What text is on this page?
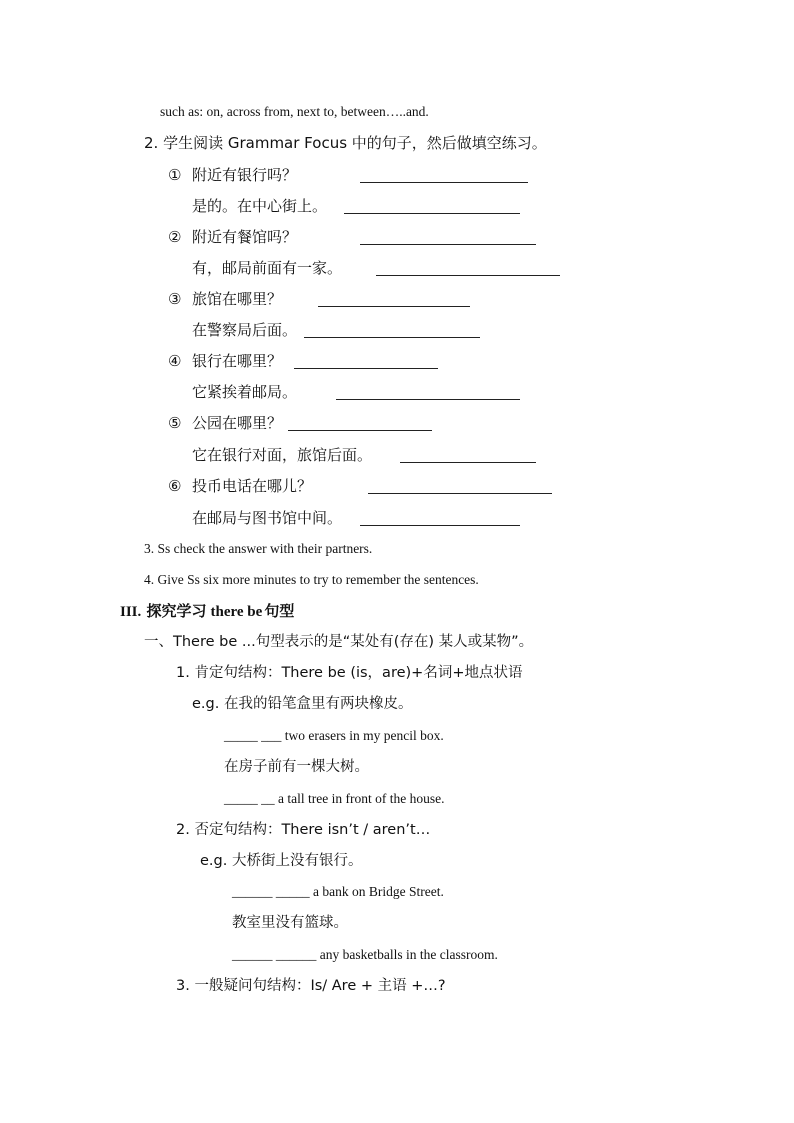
such as: on, across from, next to, between…..and.
2. 学生阅读 Grammar Focus 中的句子，然后做填空练习。
① 附近有银行吗？
是的。在中心街上。
② 附近有餐馆吗？
有，邮局前面有一家。
③ 旅馆在哪里？
在警察局后面。
④ 银行在哪里？
它紧挨着邮局。
⑤ 公园在哪里？
它在银行对面，旅馆后面。
⑥ 投币电话在哪儿？
在邮局与图书馆中间。
3. Ss check the answer with their partners.
4. Give Ss six more minutes to try to remember the sentences.
III. 探究学习 there be 句型
一、There be ...句型表示的是“某处有(存在) 某人或某物”。
1. 肯定句结构：There be (is，are)+名词+地点状语
e.g. 在我的铅笔盒里有两块橡皮。
_____ ___ two erasers in my pencil box.
在房子前有一棵大树。
_____ __ a tall tree in front of the house.
2. 否定句结构：There isn’t / aren’t…
e.g. 大桥街上没有银行。
______ _____ a bank on Bridge Street.
教室里没有篮球。
______ ______ any basketballs in the classroom.
3. 一般疑问句结构：Is/ Are + 主语 +…?
